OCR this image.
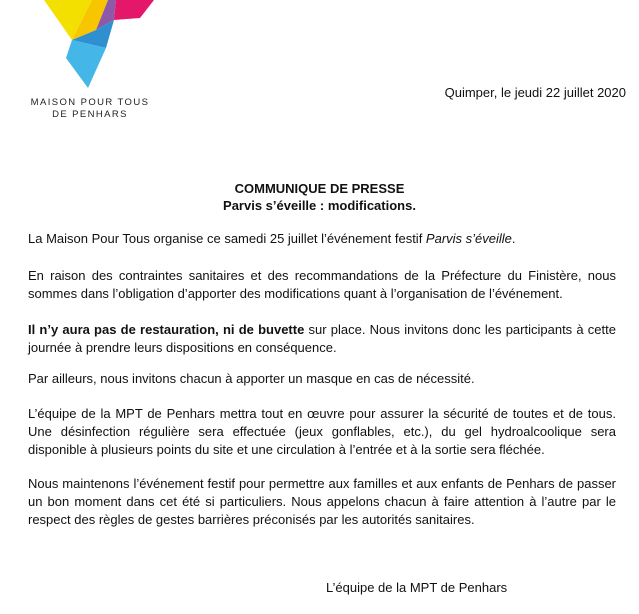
MAISON POUR TOUS
DE PENHARS
Quimper, le jeudi 22 juillet 2020
COMMUNIQUE DE PRESSE
Parvis s’éveille : modifications.

La Maison Pour Tous organise ce samedi 25 juillet l’événement festif Parvis s’éveille.

En raison des contraintes sanitaires et des recommandations de la Préfecture du Finistère, nous sommes dans l’obligation d’apporter des modifications quant à l’organisation de l’événement.

Il n’y aura pas de restauration, ni de buvette sur place. Nous invitons donc les participants à cette journée à prendre leurs dispositions en conséquence.

Par ailleurs, nous invitons chacun à apporter un masque en cas de nécessité.

L’équipe de la MPT de Penhars mettra tout en œuvre pour assurer la sécurité de toutes et de tous. Une désinfection régulière sera effectuée (jeux gonflables, etc.), du gel hydroalcoolique sera disponible à plusieurs points du site et une circulation à l’entrée et à la sortie sera fléchée.

Nous maintenons l’événement festif pour permettre aux familles et aux enfants de Penhars de passer un bon moment dans cet été si particuliers. Nous appelons chacun à faire attention à l’autre par le respect des règles de gestes barrières préconisés par les autorités sanitaires.

L’équipe de la MPT de Penhars
